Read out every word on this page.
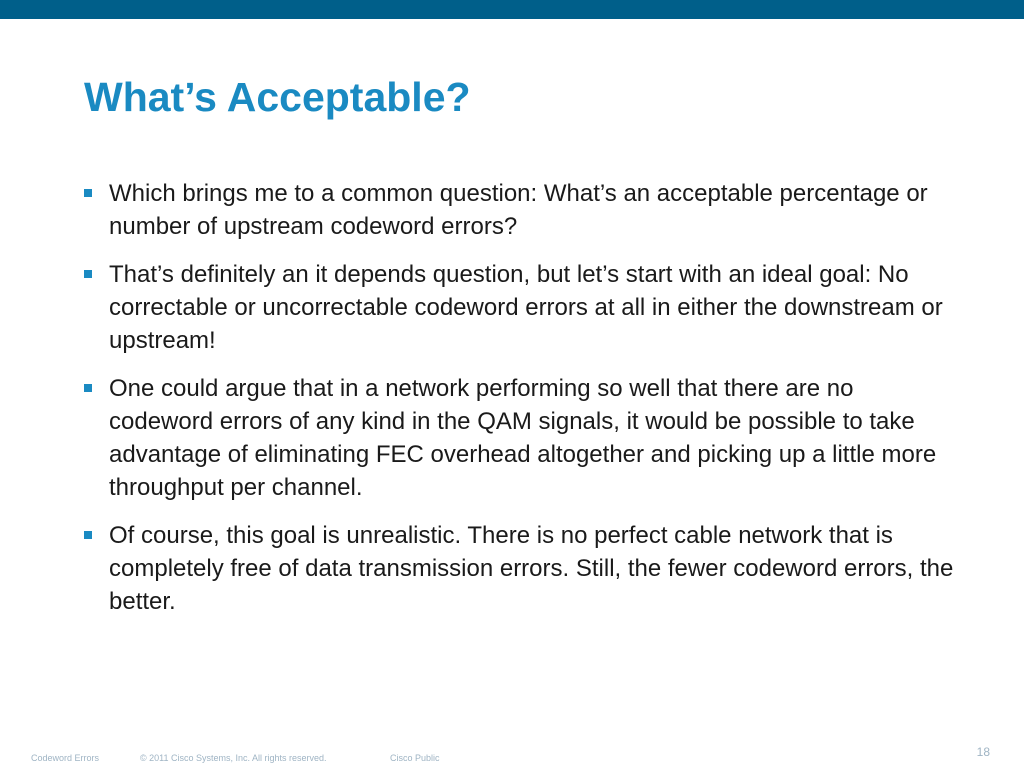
What’s Acceptable?
Which brings me to a common question: What’s an acceptable percentage or number of upstream codeword errors?
That’s definitely an it depends question, but let’s start with an ideal goal: No correctable or uncorrectable codeword errors at all in either the downstream or upstream!
One could argue that in a network performing so well that there are no codeword errors of any kind in the QAM signals, it would be possible to take advantage of eliminating FEC overhead altogether and picking up a little more throughput per channel.
Of course, this goal is unrealistic. There is no perfect cable network that is completely free of data transmission errors. Still, the fewer codeword errors, the better.
Codeword Errors	© 2011 Cisco Systems, Inc. All rights reserved.	Cisco Public	18
